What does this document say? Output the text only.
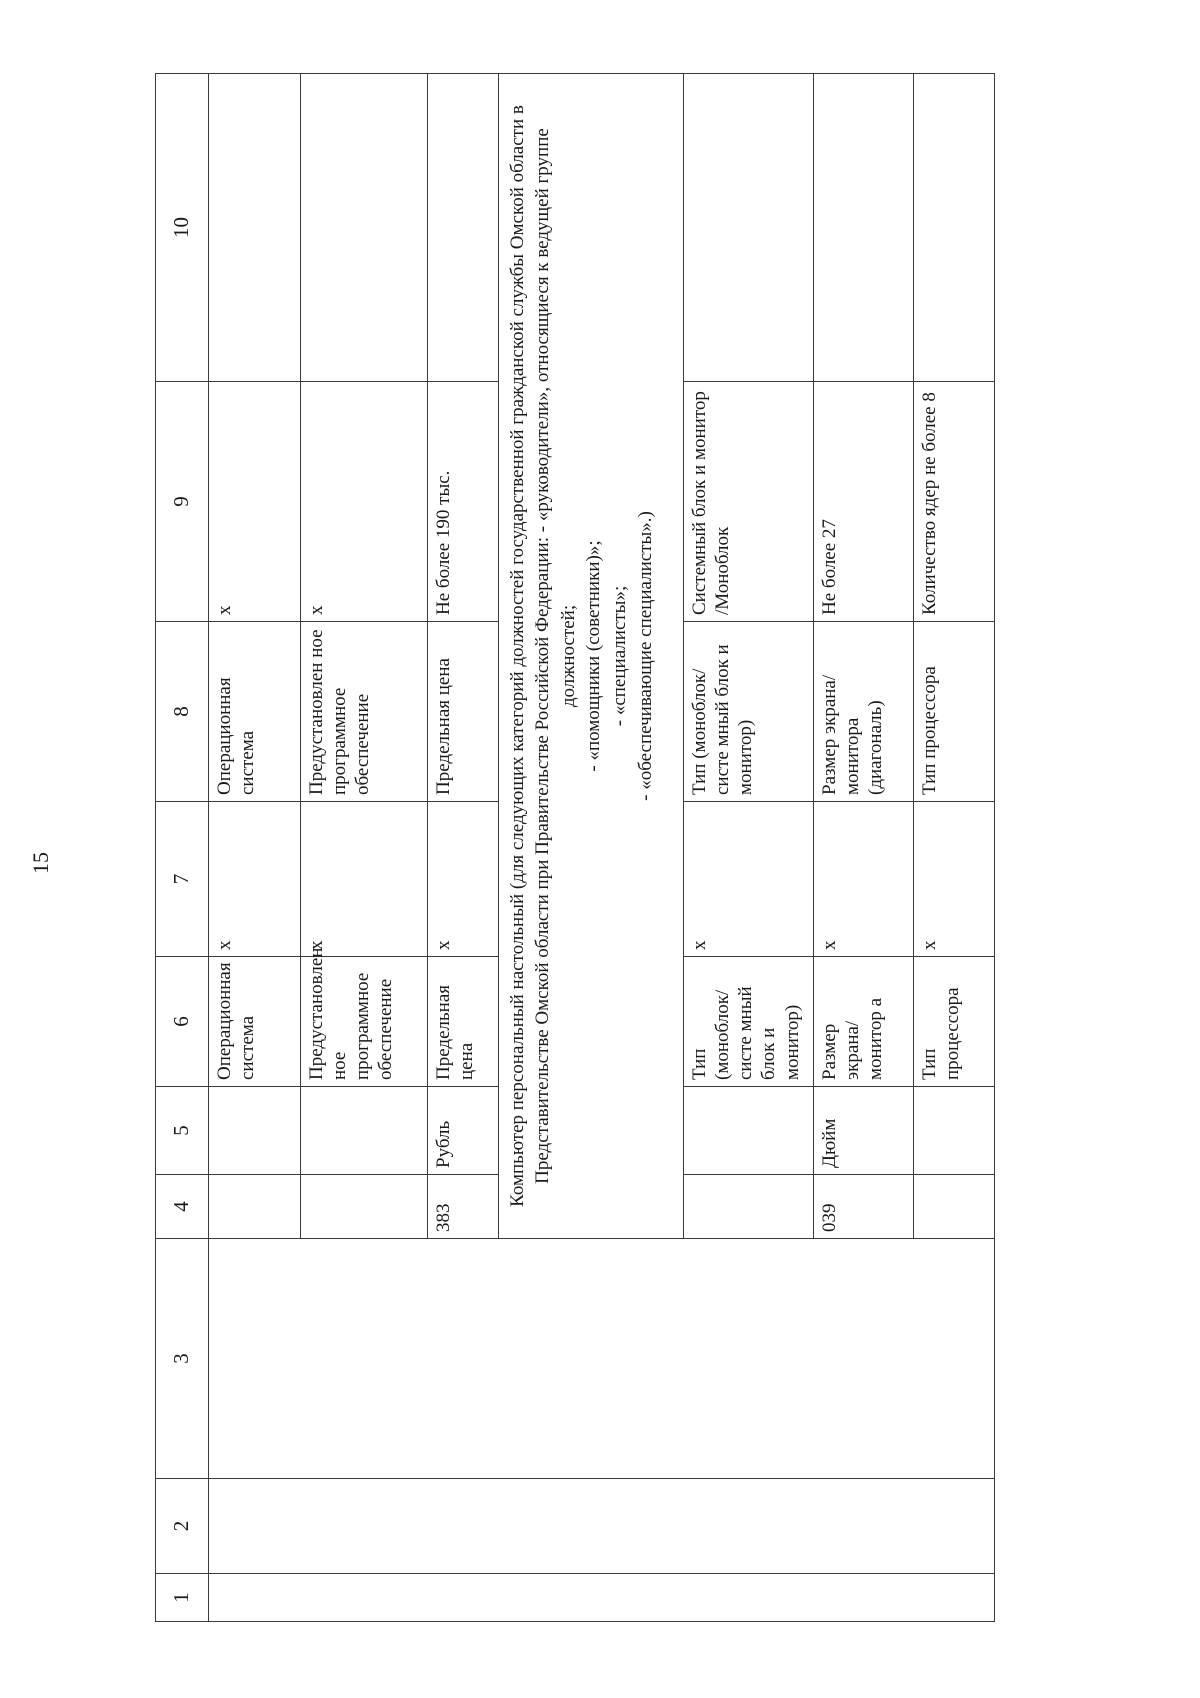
15
1	2	3	4	5	6	7	8	9	10
					Операционная система	x	Операционная система	x	
					Предустановлен ное программное обеспечение	x	Предустановлен ное программное обеспечение	x	
			383	Рубль	Предельная цена	x	Предельная цена	Не более 190 тыс.	

			Компьютер персональный настольный (для следующих категорий должностей государственной гражданской службы Омской области в Представительстве Омской области при Правительстве Российской Федерации: - «руководители», относящиеся к ведущей группе должностей; - «помощники (советники)»; - «специалисты»; - «обеспечивающие специалисты».)						

					Тип (моноблок/систе мный блок и монитор)	x	Тип (моноблок/систе мный блок и монитор)	Системный блок и монитор /Моноблок	
			039	Дюйм	Размер экрана/монитор а	x	Размер экрана/монитора (диагональ)	Не более 27	
					Тип процессора	x	Тип процессора	Количество ядер не более 8	
